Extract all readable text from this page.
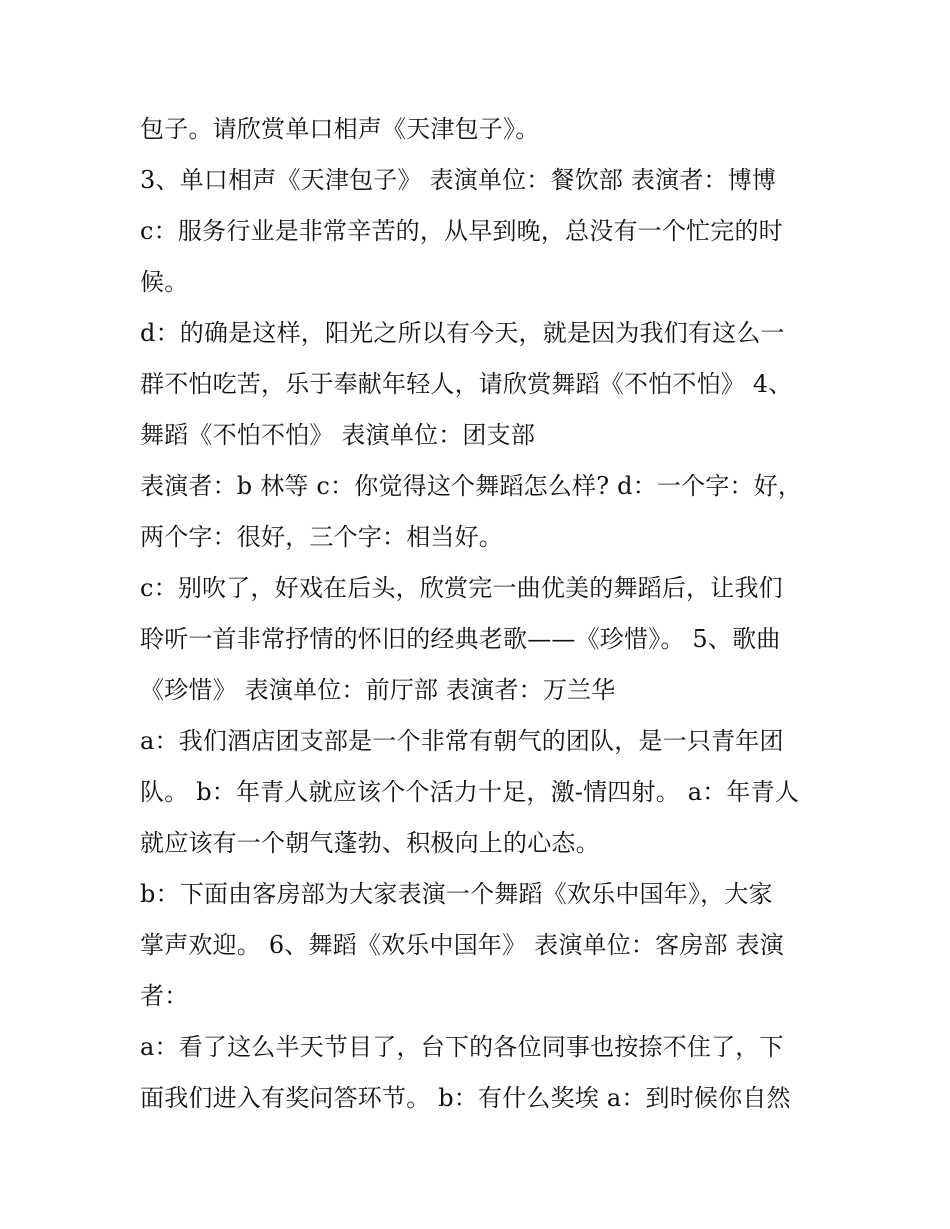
包子。请欣赏单口相声《天津包子》。
3、单口相声《天津包子》 表演单位：餐饮部 表演者：博博
c：服务行业是非常辛苦的，从早到晚，总没有一个忙完的时
候。
d：的确是这样，阳光之所以有今天，就是因为我们有这么一
群不怕吃苦，乐于奉献年轻人，请欣赏舞蹈《不怕不怕》 4、
舞蹈《不怕不怕》 表演单位：团支部
表演者：b 林等 c：你觉得这个舞蹈怎么样? d：一个字：好，
两个字：很好，三个字：相当好。
c：别吹了，好戏在后头，欣赏完一曲优美的舞蹈后，让我们
聆听一首非常抒情的怀旧的经典老歌——《珍惜》。 5、歌曲
《珍惜》 表演单位：前厅部 表演者：万兰华
a：我们酒店团支部是一个非常有朝气的团队，是一只青年团
队。 b：年青人就应该个个活力十足，激-情四射。 a：年青人
就应该有一个朝气蓬勃、积极向上的心态。
b：下面由客房部为大家表演一个舞蹈《欢乐中国年》，大家
掌声欢迎。 6、舞蹈《欢乐中国年》 表演单位：客房部 表演
者：
a：看了这么半天节目了，台下的各位同事也按捺不住了，下
面我们进入有奖问答环节。 b：有什么奖埃 a：到时候你自然
